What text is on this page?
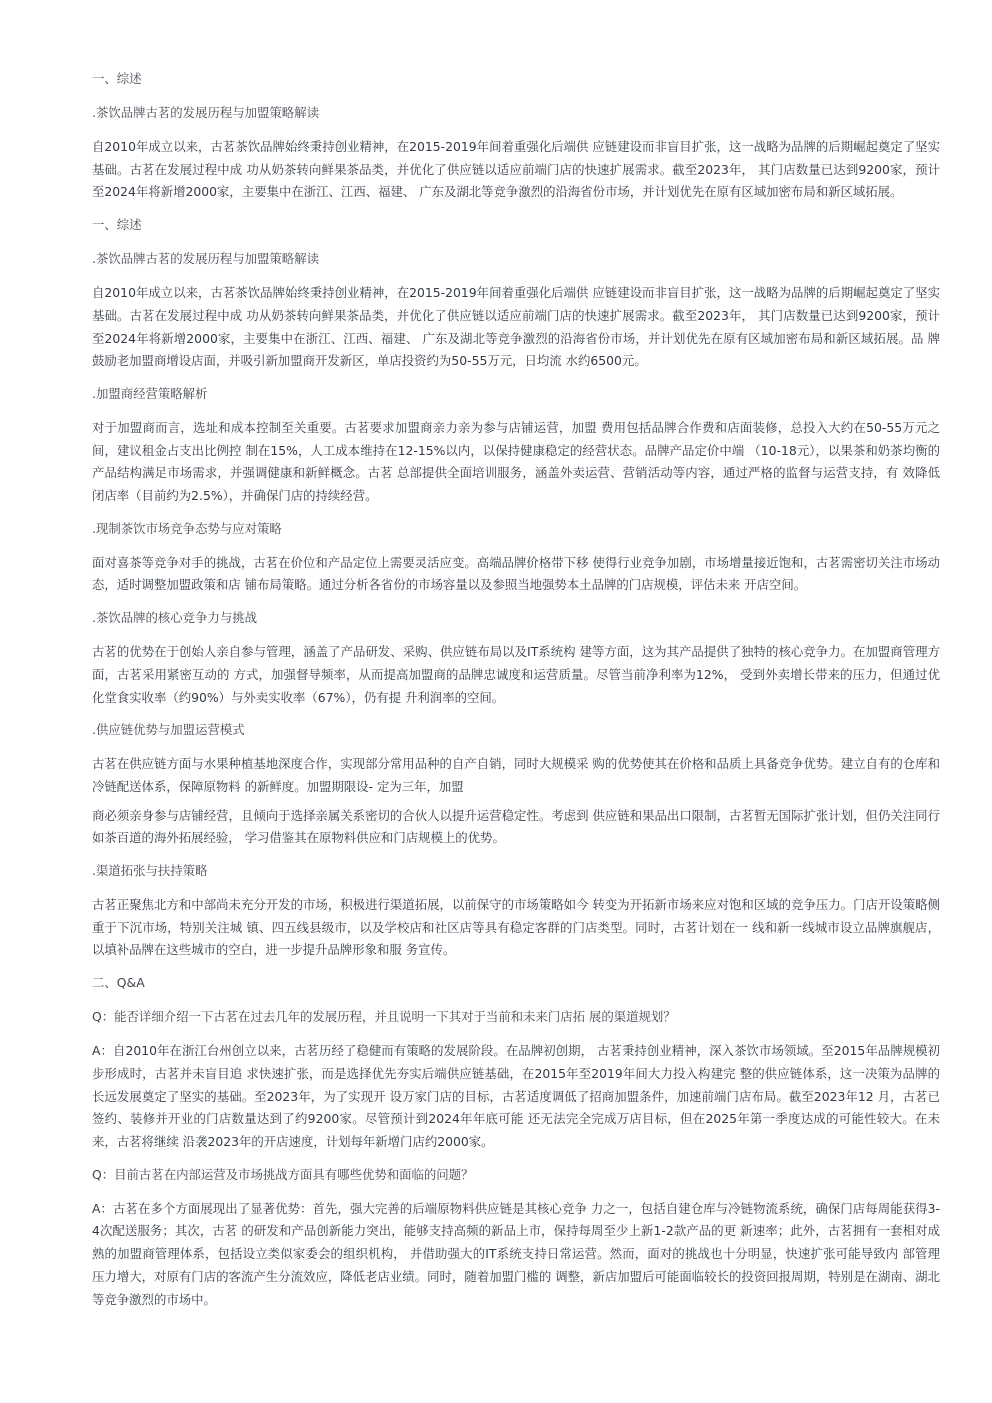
一、综述
.茶饮品牌古茗的发展历程与加盟策略解读
自2010年成立以来，古茗茶饮品牌始终秉持创业精神，在2015-2019年间着重强化后端供 应链建设而非盲目扩张，这一战略为品牌的后期崛起奠定了坚实基础。古茗在发展过程中成 功从奶茶转向鲜果茶品类，并优化了供应链以适应前端门店的快速扩展需求。截至2023年， 其门店数量已达到9200家，预计至2024年将新增2000家，主要集中在浙江、江西、福建、 广东及湖北等竞争激烈的沿海省份市场，并计划优先在原有区域加密布局和新区域拓展。
一、综述
.茶饮品牌古茗的发展历程与加盟策略解读
自2010年成立以来，古茗茶饮品牌始终秉持创业精神，在2015-2019年间着重强化后端供 应链建设而非盲目扩张，这一战略为品牌的后期崛起奠定了坚实基础。古茗在发展过程中成 功从奶茶转向鲜果茶品类，并优化了供应链以适应前端门店的快速扩展需求。截至2023年， 其门店数量已达到9200家，预计至2024年将新增2000家，主要集中在浙江、江西、福建、 广东及湖北等竞争激烈的沿海省份市场，并计划优先在原有区域加密布局和新区域拓展。品 牌鼓励老加盟商增设店面，并吸引新加盟商开发新区，单店投资约为50-55万元，日均流 水约6500元。
.加盟商经营策略解析
对于加盟商而言，选址和成本控制至关重要。古茗要求加盟商亲力亲为参与店铺运营，加盟 费用包括品牌合作费和店面装修，总投入大约在50-55万元之间，建议租金占支出比例控 制在15%，人工成本维持在12-15%以内，以保持健康稳定的经营状态。品牌产品定价中端 （10-18元），以果茶和奶茶均衡的产品结构满足市场需求，并强调健康和新鲜概念。古茗 总部提供全面培训服务，涵盖外卖运营、营销活动等内容，通过严格的监督与运营支持，有 效降低闭店率（目前约为2.5%），并确保门店的持续经营。
.现制茶饮市场竞争态势与应对策略
面对喜茶等竞争对手的挑战，古茗在价位和产品定位上需要灵活应变。高端品牌价格带下移 使得行业竞争加剧，市场增量接近饱和，古茗需密切关注市场动态，适时调整加盟政策和店 铺布局策略。通过分析各省份的市场容量以及参照当地强势本土品牌的门店规模，评估未来 开店空间。
.茶饮品牌的核心竞争力与挑战
古茗的优势在于创始人亲自参与管理，涵盖了产品研发、采购、供应链布局以及IT系统构 建等方面，这为其产品提供了独特的核心竞争力。在加盟商管理方面，古茗采用紧密互动的 方式，加强督导频率，从而提高加盟商的品牌忠诚度和运营质量。尽管当前净利率为12%， 受到外卖增长带来的压力，但通过优化堂食实收率（约90%）与外卖实收率（67%），仍有提 升利润率的空间。
.供应链优势与加盟运营模式
古茗在供应链方面与水果种植基地深度合作，实现部分常用品种的自产自销，同时大规模采 购的优势使其在价格和品质上具备竞争优势。建立自有的仓库和冷链配送体系，保障原物料 的新鲜度。加盟期限设- 定为三年，加盟
商必须亲身参与店铺经营，且倾向于选择亲属关系密切的合伙人以提升运营稳定性。考虑到 供应链和果品出口限制，古茗暂无国际扩张计划，但仍关注同行如茶百道的海外拓展经验， 学习借鉴其在原物料供应和门店规模上的优势。
.渠道拓张与扶持策略
古茗正聚焦北方和中部尚未充分开发的市场，积极进行渠道拓展，以前保守的市场策略如今 转变为开拓新市场来应对饱和区域的竞争压力。门店开设策略侧重于下沉市场，特别关注城 镇、四五线县级市，以及学校店和社区店等具有稳定客群的门店类型。同时，古茗计划在一 线和新一线城市设立品牌旗舰店，以填补品牌在这些城市的空白，进一步提升品牌形象和服 务宣传。
二、Q&A
Q：能否详细介绍一下古茗在过去几年的发展历程，并且说明一下其对于当前和未来门店拓 展的渠道规划？
A：自2010年在浙江台州创立以来，古茗历经了稳健而有策略的发展阶段。在品牌初创期， 古茗秉持创业精神，深入茶饮市场领域。至2015年品牌规模初步形成时，古茗并未盲目追 求快速扩张，而是选择优先夯实后端供应链基础，在2015年至2019年间大力投入构建完 整的供应链体系，这一决策为品牌的长远发展奠定了坚实的基础。至2023年，为了实现开 设万家门店的目标，古茗适度调低了招商加盟条件，加速前端门店布局。截至2023年12 月，古茗已签约、装修并开业的门店数量达到了约9200家。尽管预计到2024年年底可能 还无法完全完成万店目标，但在2025年第一季度达成的可能性较大。在未来，古茗将继续 沿袭2023年的开店速度，计划每年新增门店约2000家。
Q：目前古茗在内部运营及市场挑战方面具有哪些优势和面临的问题？
A：古茗在多个方面展现出了显著优势：首先，强大完善的后端原物料供应链是其核心竞争 力之一，包括自建仓库与冷链物流系统，确保门店每周能获得3-4次配送服务；其次，古茗 的研发和产品创新能力突出，能够支持高频的新品上市，保持每周至少上新1-2款产品的更 新速率；此外，古茗拥有一套相对成熟的加盟商管理体系，包括设立类似家委会的组织机构， 并借助强大的IT系统支持日常运营。然而，面对的挑战也十分明显，快速扩张可能导致内 部管理压力增大，对原有门店的客流产生分流效应，降低老店业绩。同时，随着加盟门槛的 调整，新店加盟后可能面临较长的投资回报周期，特别是在湖南、湖北等竞争激烈的市场中。
